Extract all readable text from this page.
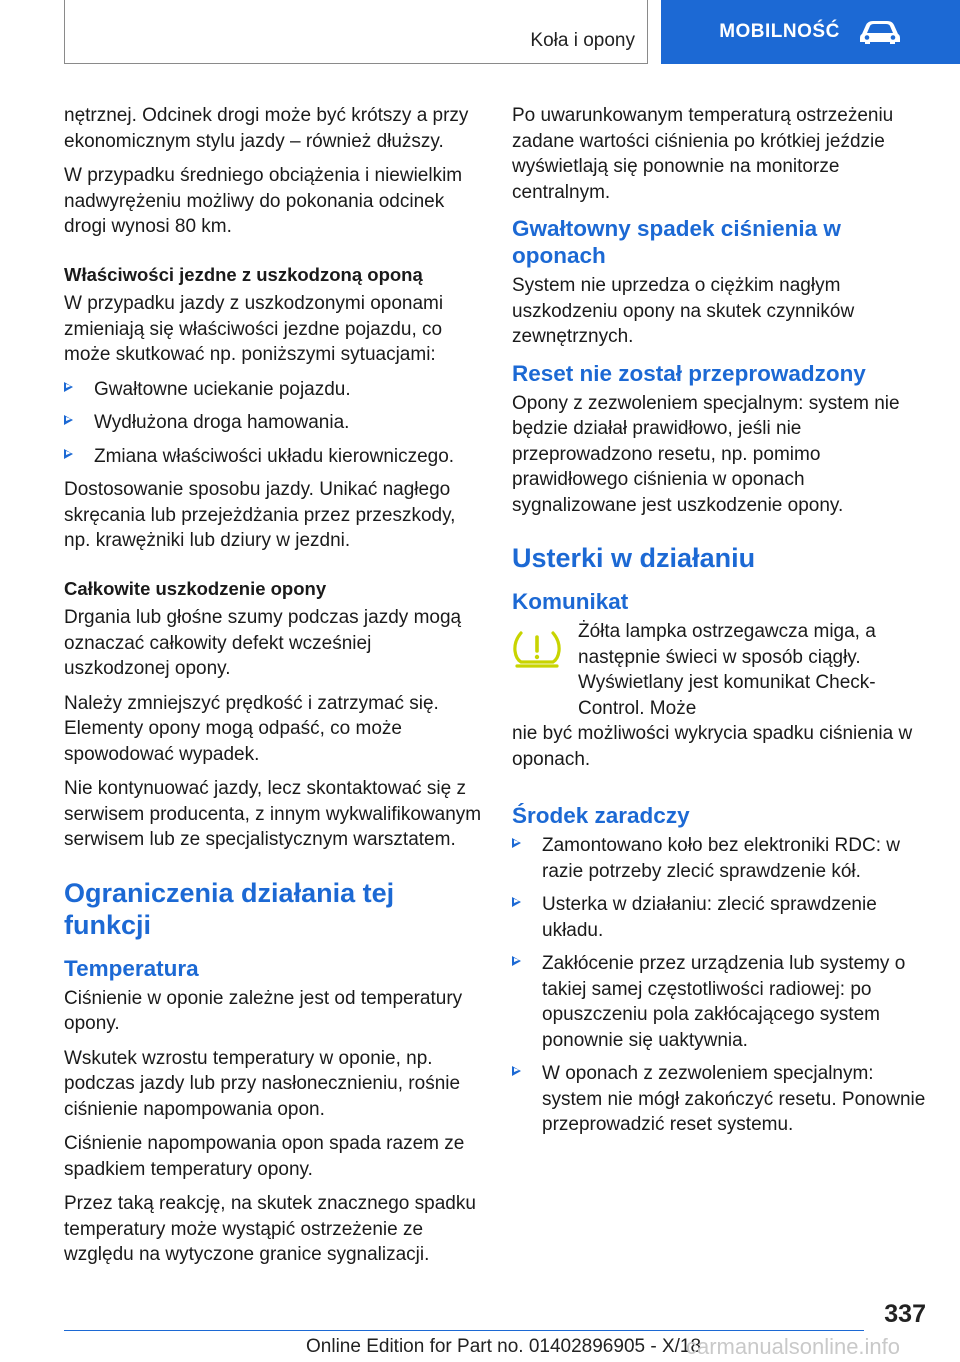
Koła i opony	MOBILNOŚĆ

nętrznej. Odcinek drogi może być krótszy a przy ekonomicznym stylu jazdy – również dłuższy.

W przypadku średniego obciążenia i niewielkim nadwyrężeniu możliwy do pokonania odcinek drogi wynosi 80 km.

Właściwości jezdne z uszkodzoną oponą

W przypadku jazdy z uszkodzonymi oponami zmieniają się właściwości jezdne pojazdu, co może skutkować np. poniższymi sytuacjami:

Gwałtowne uciekanie pojazdu.
Wydłużona droga hamowania.
Zmiana właściwości układu kierowniczego.

Dostosowanie sposobu jazdy. Unikać nagłego skręcania lub przejeżdżania przez przeszkody, np. krawężniki lub dziury w jezdni.

Całkowite uszkodzenie opony

Drgania lub głośne szumy podczas jazdy mogą oznaczać całkowity defekt wcześniej uszkodzonej opony.

Należy zmniejszyć prędkość i zatrzymać się. Elementy opony mogą odpaść, co może spowodować wypadek.

Nie kontynuować jazdy, lecz skontaktować się z serwisem producenta, z innym wykwalifikowanym serwisem lub ze specjalistycznym warsztatem.

Ograniczenia działania tej funkcji
Temperatura

Ciśnienie w oponie zależne jest od temperatury opony.

Wskutek wzrostu temperatury w oponie, np. podczas jazdy lub przy nasłonecznieniu, rośnie ciśnienie napompowania opon.

Ciśnienie napompowania opon spada razem ze spadkiem temperatury opony.

Przez taką reakcję, na skutek znacznego spadku temperatury może wystąpić ostrzeżenie ze względu na wytyczone granice sygnalizacji.

Po uwarunkowanym temperaturą ostrzeżeniu zadane wartości ciśnienia po krótkiej jeździe wyświetlają się ponownie na monitorze centralnym.

Gwałtowny spadek ciśnienia w oponach

System nie uprzedza o ciężkim nagłym uszkodzeniu opony na skutek czynników zewnętrznych.

Reset nie został przeprowadzony

Opony z zezwoleniem specjalnym: system nie będzie działał prawidłowo, jeśli nie przeprowadzono resetu, np. pomimo prawidłowego ciśnienia w oponach sygnalizowane jest uszkodzenie opony.

Usterki w działaniu
Komunikat

Żółta lampka ostrzegawcza miga, a następnie świeci w sposób ciągły. Wyświetlany jest komunikat Check-Control. Może

nie być możliwości wykrycia spadku ciśnienia w oponach.

Środek zaradczy
Zamontowano koło bez elektroniki RDC: w razie potrzeby zlecić sprawdzenie kół.
Usterka w działaniu: zlecić sprawdzenie układu.
Zakłócenie przez urządzenia lub systemy o takiej samej częstotliwości radiowej: po opuszczeniu pola zakłócającego system ponownie się uaktywnia.
W oponach z zezwoleniem specjalnym: system nie mógł zakończyć resetu. Ponownie przeprowadzić reset systemu.
337
Online Edition for Part no. 01402896905 - X/18
carmanualsonline.info
